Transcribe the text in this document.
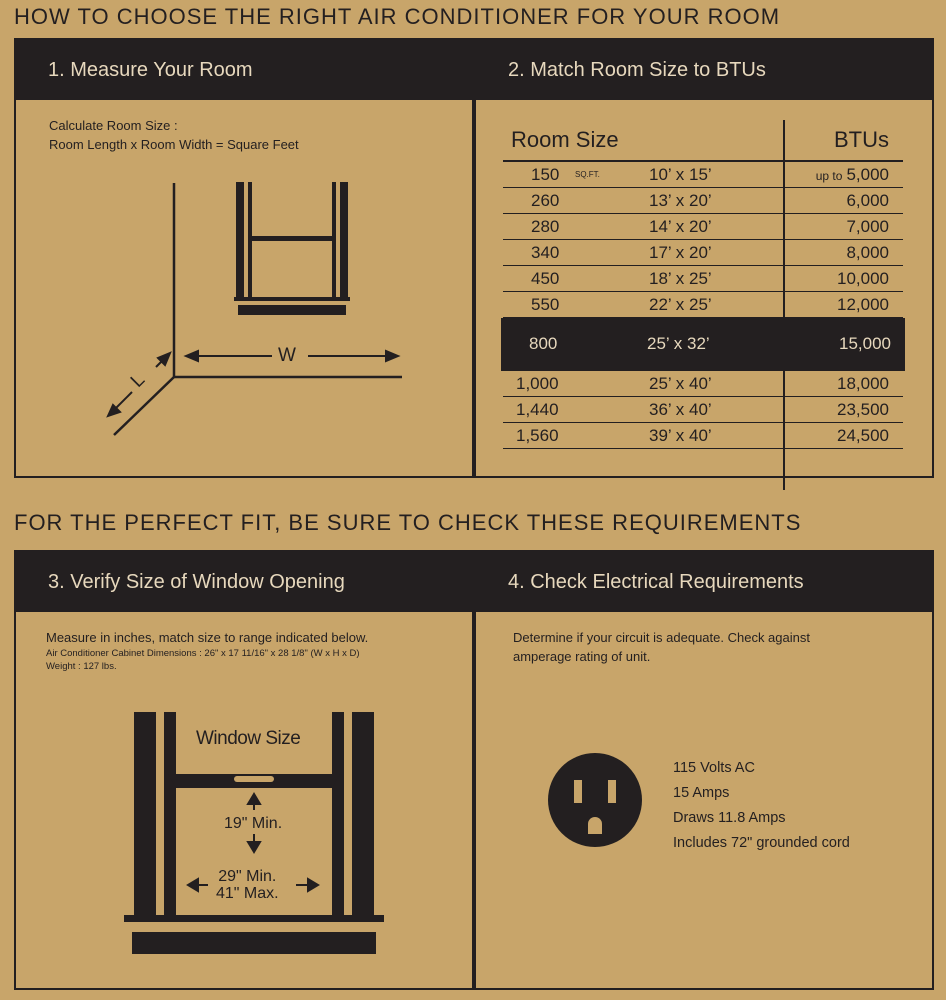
HOW TO CHOOSE THE RIGHT AIR CONDITIONER FOR YOUR ROOM
1. Measure Your Room
Calculate Room Size :
Room Length x Room Width = Square Feet
W
L
2. Match Room Size to BTUs
Room Size	BTUs
150	SQ.FT.	10’ x 15’	up to 5,000
260	13’ x 20’	6,000
280	14’ x 20’	7,000
340	17’ x 20’	8,000
450	18’ x 25’	10,000
550	22’ x 25’	12,000
800	25’ x 32’	15,000
1,000	25’ x 40’	18,000
1,440	36’ x 40’	23,500
1,560	39’ x 40’	24,500
FOR THE PERFECT FIT, BE SURE TO CHECK THESE REQUIREMENTS
3. Verify Size of Window Opening
Measure in inches, match size to range indicated below.
Air Conditioner Cabinet Dimensions : 26" x 17 11/16" x 28 1/8" (W x H x D)
Weight : 127 lbs.
Window Size
19" Min.
29" Min.
41" Max.
4. Check Electrical Requirements
Determine if your circuit is adequate. Check against
amperage rating of unit.
115 Volts AC
15 Amps
Draws 11.8 Amps
Includes 72" grounded cord
